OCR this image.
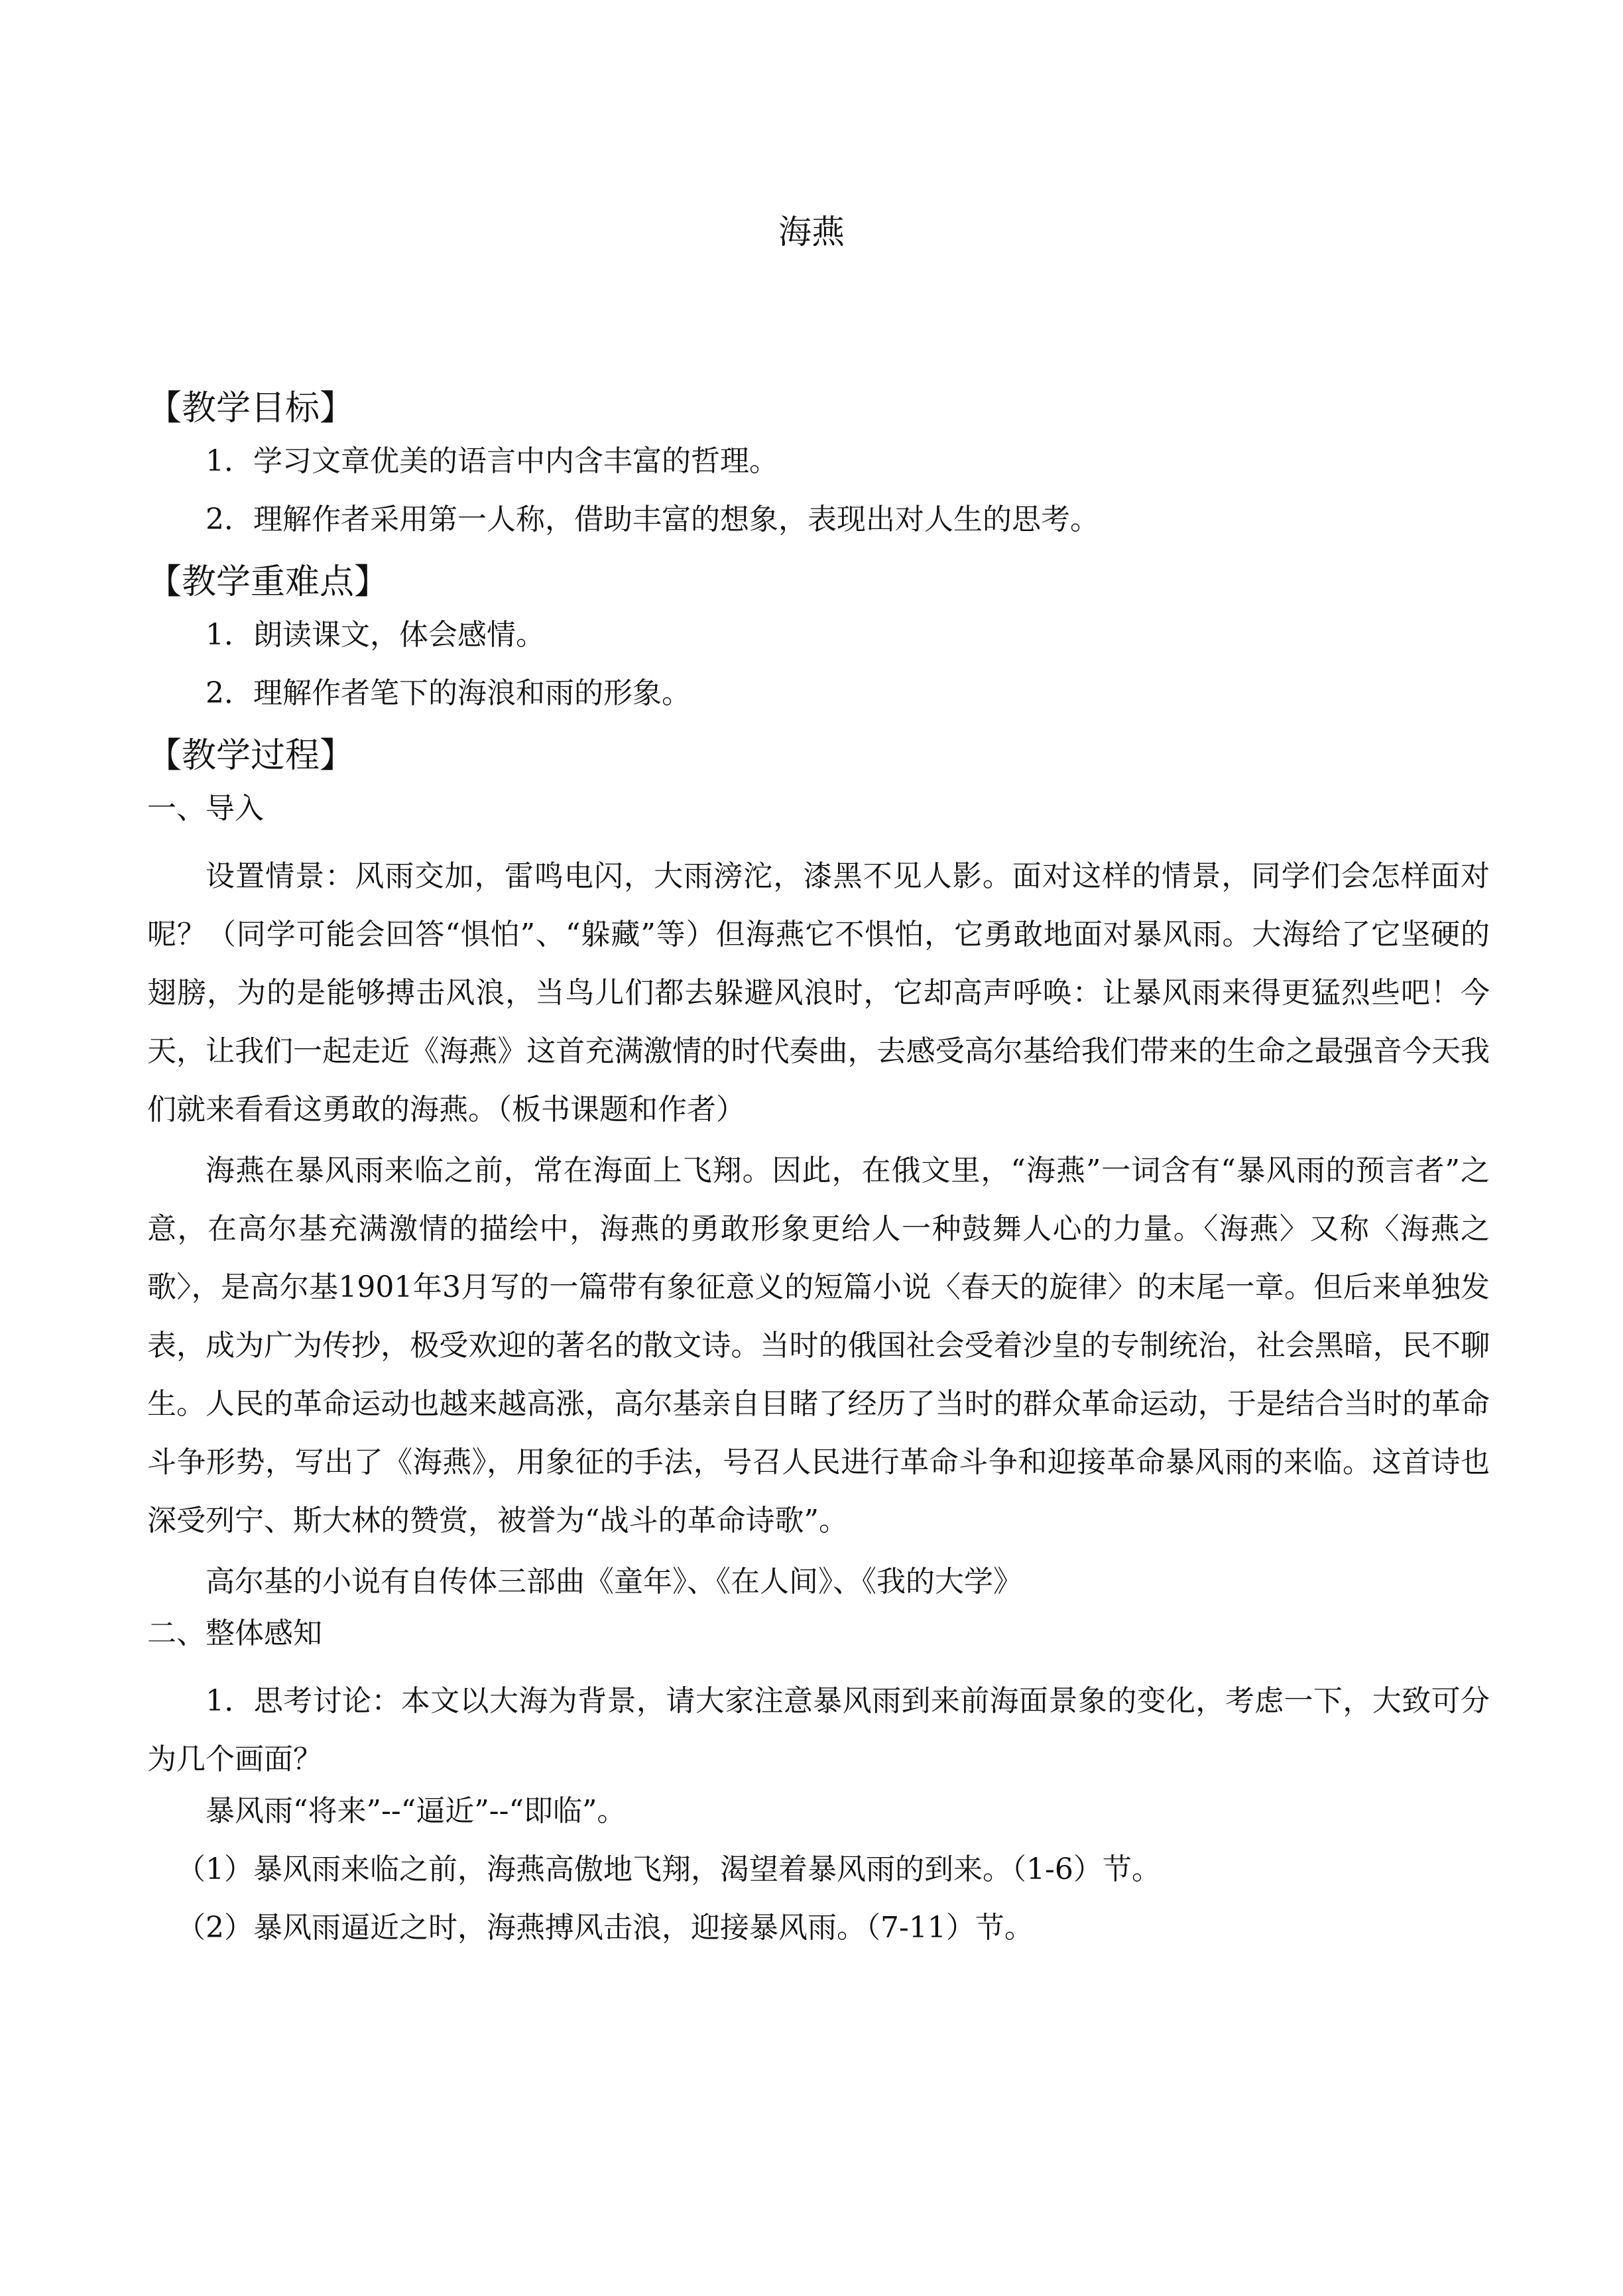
海燕
【教学目标】
1．学习文章优美的语言中内含丰富的哲理。
2．理解作者采用第一人称，借助丰富的想象，表现出对人生的思考。
【教学重难点】
1．朗读课文，体会感情。
2．理解作者笔下的海浪和雨的形象。
【教学过程】
一、导入
设置情景：风雨交加，雷鸣电闪，大雨滂沱，漆黑不见人影。面对这样的情景，同学们会怎样面对呢？（同学可能会回答“惧怕”、“躲藏”等）但海燕它不惧怕，它勇敢地面对暴风雨。大海给了它坚硬的翅膀，为的是能够搏击风浪，当鸟儿们都去躲避风浪时，它却高声呼唤：让暴风雨来得更猛烈些吧！今天，让我们一起走近《海燕》这首充满激情的时代奏曲，去感受高尔基给我们带来的生命之最强音今天我们就来看看这勇敢的海燕。（板书课题和作者）
海燕在暴风雨来临之前，常在海面上飞翔。因此，在俄文里，“海燕”一词含有“暴风雨的预言者”之意，在高尔基充满激情的描绘中，海燕的勇敢形象更给人一种鼓舞人心的力量。〈海燕〉又称〈海燕之歌〉，是高尔基1901年3月写的一篇带有象征意义的短篇小说〈春天的旋律〉的末尾一章。但后来单独发表，成为广为传抄，极受欢迎的著名的散文诗。当时的俄国社会受着沙皇的专制统治，社会黑暗，民不聊生。人民的革命运动也越来越高涨，高尔基亲自目睹了经历了当时的群众革命运动，于是结合当时的革命斗争形势，写出了《海燕》，用象征的手法，号召人民进行革命斗争和迎接革命暴风雨的来临。这首诗也深受列宁、斯大林的赞赏，被誉为“战斗的革命诗歌”。
高尔基的小说有自传体三部曲《童年》、《在人间》、《我的大学》
二、整体感知
1．思考讨论：本文以大海为背景，请大家注意暴风雨到来前海面景象的变化，考虑一下，大致可分为几个画面？
暴风雨“将来”--“逼近”--“即临”。
（1）暴风雨来临之前，海燕高傲地飞翔，渴望着暴风雨的到来。（1-6）节。
（2）暴风雨逼近之时，海燕搏风击浪，迎接暴风雨。（7-11）节。
